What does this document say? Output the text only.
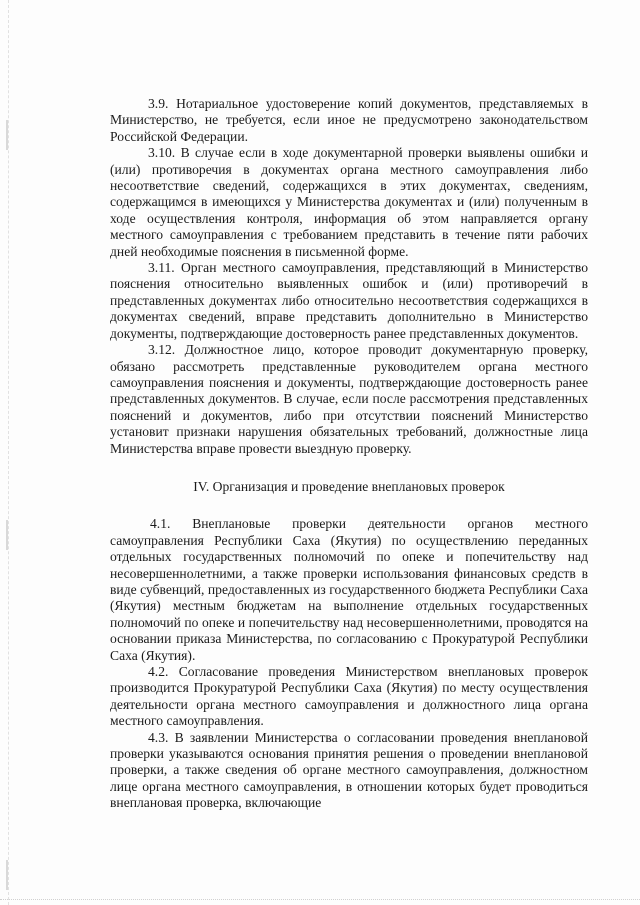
3.9. Нотариальное удостоверение копий документов, представляемых в Министерство, не требуется, если иное не предусмотрено законодательством Российской Федерации.

3.10. В случае если в ходе документарной проверки выявлены ошибки и (или) противоречия в документах органа местного самоуправления либо несоответствие сведений, содержащихся в этих документах, сведениям, содержащимся в имеющихся у Министерства документах и (или) полученным в ходе осуществления контроля, информация об этом направляется органу местного самоуправления с требованием представить в течение пяти рабочих дней необходимые пояснения в письменной форме.

3.11. Орган местного самоуправления, представляющий в Министерство пояснения относительно выявленных ошибок и (или) противоречий в представленных документах либо относительно несоответствия содержащихся в документах сведений, вправе представить дополнительно в Министерство документы, подтверждающие достоверность ранее представленных документов.

3.12. Должностное лицо, которое проводит документарную проверку, обязано рассмотреть представленные руководителем органа местного самоуправления пояснения и документы, подтверждающие достоверность ранее представленных документов. В случае, если после рассмотрения представленных пояснений и документов, либо при отсутствии пояснений Министерство установит признаки нарушения обязательных требований, должностные лица Министерства вправе провести выездную проверку.

IV. Организация и проведение внеплановых проверок

4.1. Внеплановые проверки деятельности органов местного самоуправления Республики Саха (Якутия) по осуществлению переданных отдельных государственных полномочий по опеке и попечительству над несовершеннолетними, а также проверки использования финансовых средств в виде субвенций, предоставленных из государственного бюджета Республики Саха (Якутия) местным бюджетам на выполнение отдельных государственных полномочий по опеке и попечительству над несовершеннолетними, проводятся на основании приказа Министерства, по согласованию с Прокуратурой Республики Саха (Якутия).

4.2. Согласование проведения Министерством внеплановых проверок производится Прокуратурой Республики Саха (Якутия) по месту осуществления деятельности органа местного самоуправления и должностного лица органа местного самоуправления.

4.3. В заявлении Министерства о согласовании проведения внеплановой проверки указываются основания принятия решения о проведении внеплановой проверки, а также сведения об органе местного самоуправления, должностном лице органа местного самоуправления, в отношении которых будет проводиться внеплановая проверка, включающие
